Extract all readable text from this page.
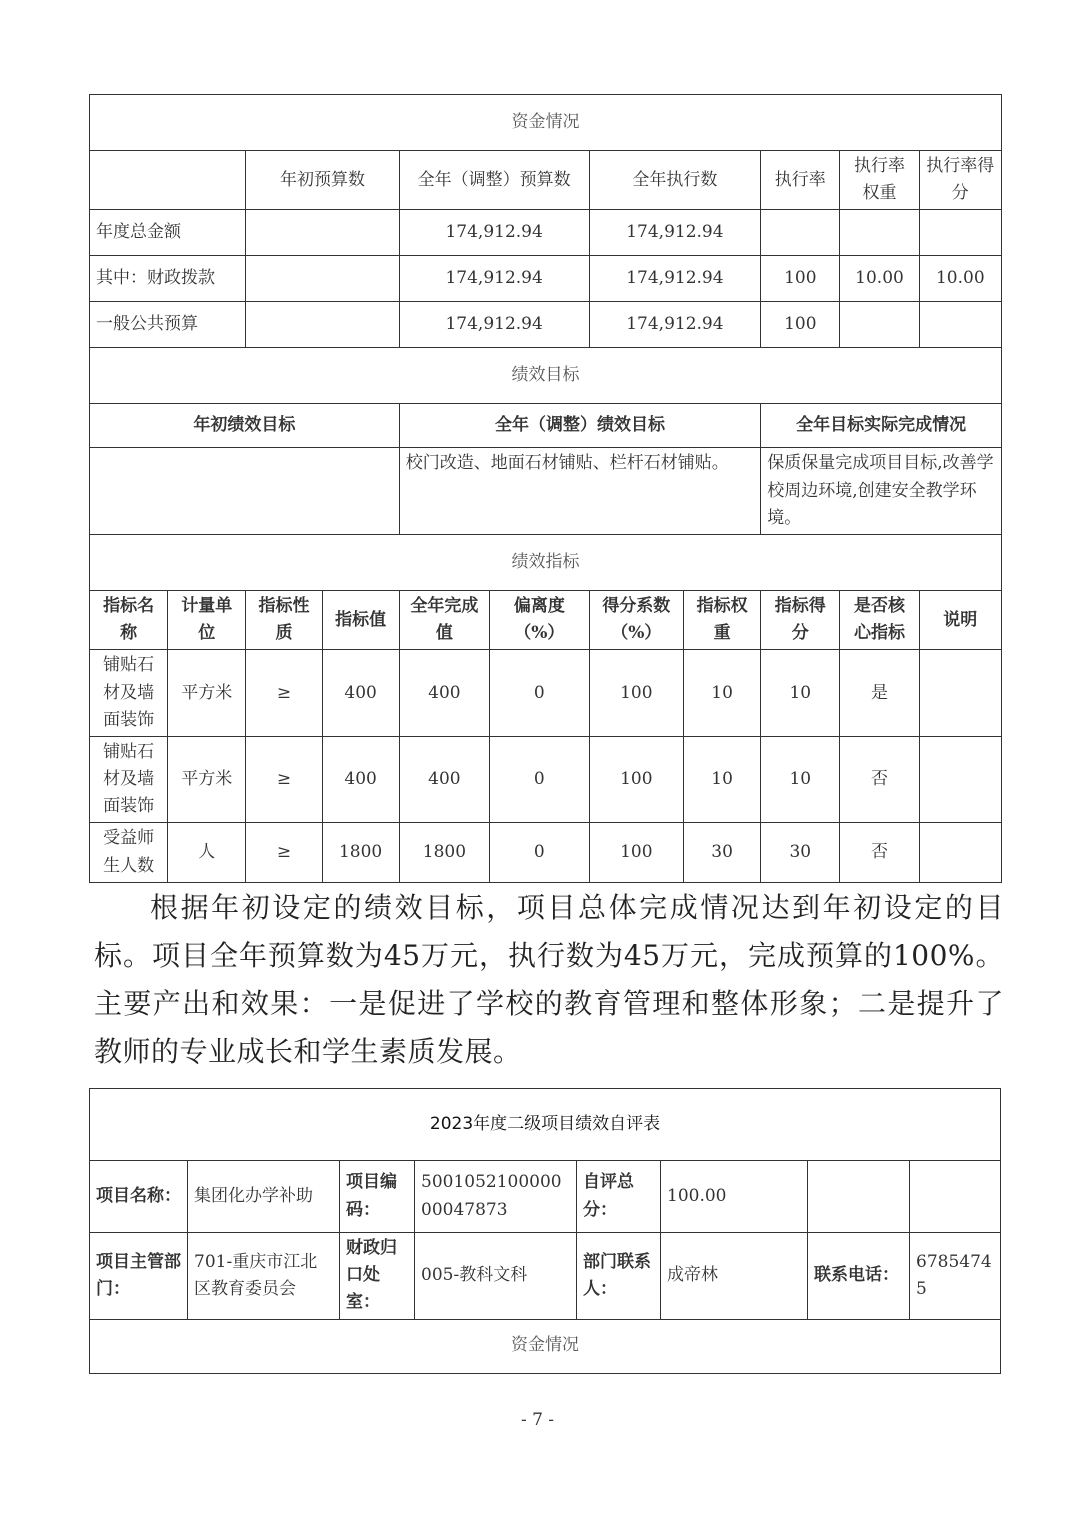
资金情况										
		年初预算数		全年（调整）预算数		全年执行数		执行率	执行率权重	执行率得分
年度总金额				174,912.94		174,912.94				
其中：财政拨款				174,912.94		174,912.94		100	10.00	10.00
一般公共预算				174,912.94		174,912.94		100		
绩效目标										
年初绩效目标				全年（调整）绩效目标				全年目标实际完成情况		
				校门改造、地面石材铺贴、栏杆石材铺贴。				保质保量完成项目目标,改善学校周边环境,创建安全教学环境。		
绩效指标										
指标名称	计量单位	指标性质	指标值	全年完成值	偏离度（%）	得分系数（%）	指标权重	指标得分	是否核心指标	说明
铺贴石材及墙面装饰	平方米	≥	400	400	0	100	10	10	是	
铺贴石材及墙面装饰	平方米	≥	400	400	0	100	10	10	否	
受益师生人数	人	≥	1800	1800	0	100	30	30	否	

根据年初设定的绩效目标，项目总体完成情况达到年初设定的目标。项目全年预算数为45万元，执行数为45万元，完成预算的100%。主要产出和效果：一是促进了学校的教育管理和整体形象；二是提升了教师的专业成长和学生素质发展。

2023年度二级项目绩效自评表							
项目名称：	集团化办学补助	项目编码：	500105210000000047873	自评总分：	100.00		
项目主管部门：	701-重庆市江北区教育委员会	财政归口处室：	005-教科文科	部门联系人：	成帝林	联系电话：	67854745
资金情况							
- 7 -
